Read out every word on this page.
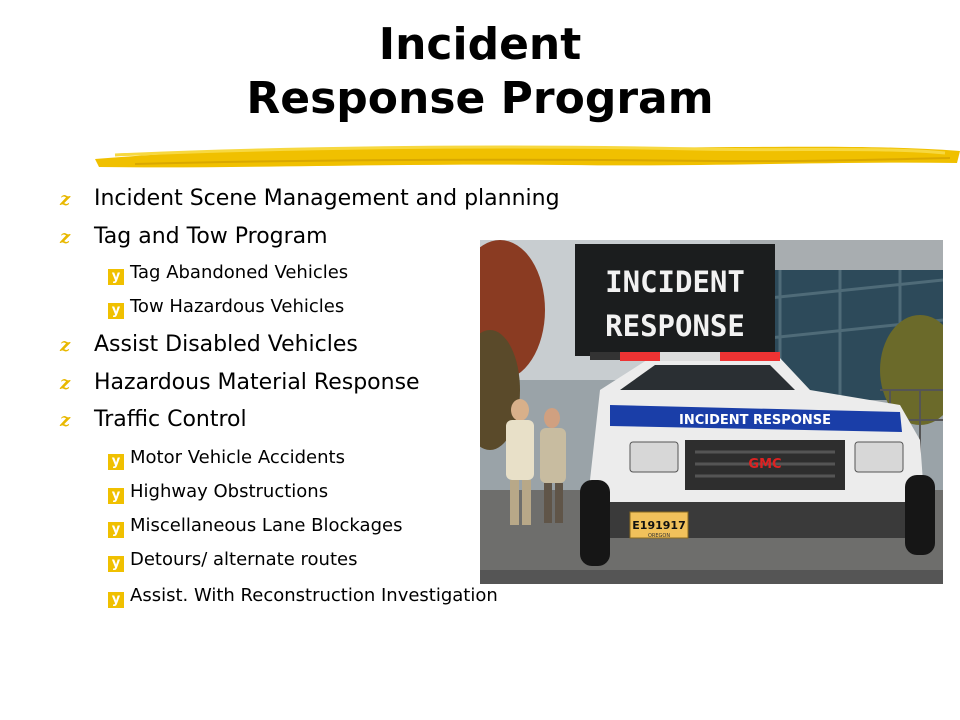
Incident
Response Program
z Incident Scene Management and planning
z Tag and Tow Program
y Tag Abandoned Vehicles
y Tow Hazardous Vehicles
z Assist Disabled Vehicles
z Hazardous Material Response
z Traffic Control
y Motor Vehicle Accidents
y Highway Obstructions
y Miscellaneous Lane Blockages
y Detours/ alternate routes
y Assist. With Reconstruction Investigation
INCIDENT
RESPONSE
INCIDENT RESPONSE
GMC
E191917
OREGON
